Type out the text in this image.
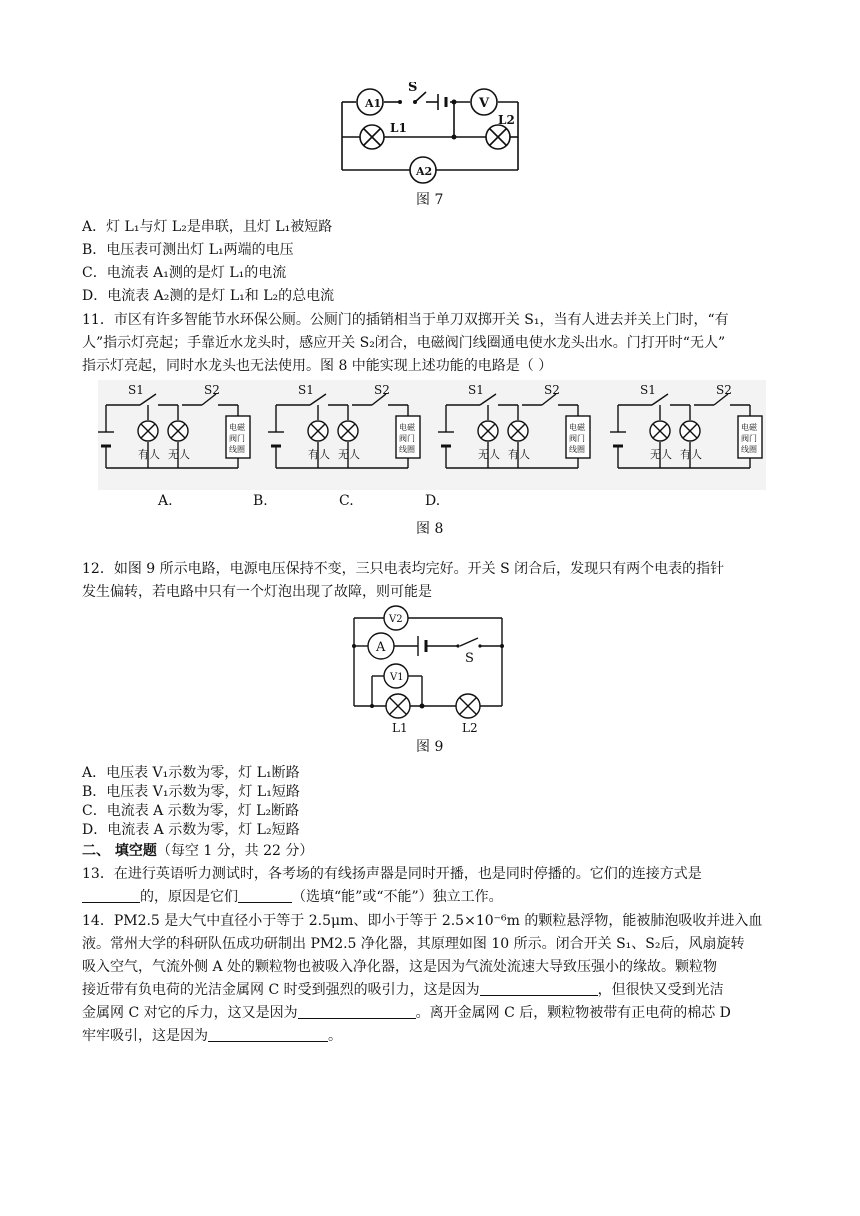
A1	V
A2
S
L1
L2
图 7
A．灯 L₁与灯 L₂是串联，且灯 L₁被短路
B．电压表可测出灯 L₁两端的电压
C．电流表 A₁测的是灯 L₁的电流
D．电流表 A₂测的是灯 L₁和 L₂的总电流
11．市区有许多智能节水环保公厕。公厕门的插销相当于单刀双掷开关 S₁，当有人进去并关上门时，“有
人”指示灯亮起；手靠近水龙头时，感应开关 S₂闭合，电磁阀门线圈通电使水龙头出水。门打开时“无人”
指示灯亮起，同时水龙头也无法使用。图 8 中能实现上述功能的电路是（ ）
S1	S2
有人 无人
电磁
阀门
线圈
S1	S2
有人 无人
电磁
阀门
线圈
S1	S2
无人 有人
电磁
阀门
线圈
S1	S2
无人 有人
电磁
阀门
线圈
A.	B.	C.	D.
图 8
12．如图 9 所示电路，电源电压保持不变，三只电表均完好。开关 S 闭合后，发现只有两个电表的指针
发生偏转，若电路中只有一个灯泡出现了故障，则可能是
V2
A
V1
S
L1	L2
图 9
A．电压表 V₁示数为零，灯 L₁断路
B．电压表 V₁示数为零，灯 L₁短路
C．电流表 A 示数为零，灯 L₂断路
D．电流表 A 示数为零，灯 L₂短路
二、 填空题（每空 1 分，共 22 分）
13．在进行英语听力测试时，各考场的有线扬声器是同时开播，也是同时停播的。它们的连接方式是
的，原因是它们	（选填“能”或“不能”）独立工作。
14．PM2.5 是大气中直径小于等于 2.5μm、即小于等于 2.5×10⁻⁶m 的颗粒悬浮物，能被肺泡吸收并进入血
液。常州大学的科研队伍成功研制出 PM2.5 净化器，其原理如图 10 所示。闭合开关 S₁、S₂后，风扇旋转
吸入空气，气流外侧 A 处的颗粒物也被吸入净化器，这是因为气流处流速大导致压强小的缘故。颗粒物
接近带有负电荷的光洁金属网 C 时受到强烈的吸引力，这是因为	，但很快又受到光洁
金属网 C 对它的斥力，这又是因为	。离开金属网 C 后，颗粒物被带有正电荷的棉芯 D
牢牢吸引，这是因为	。
